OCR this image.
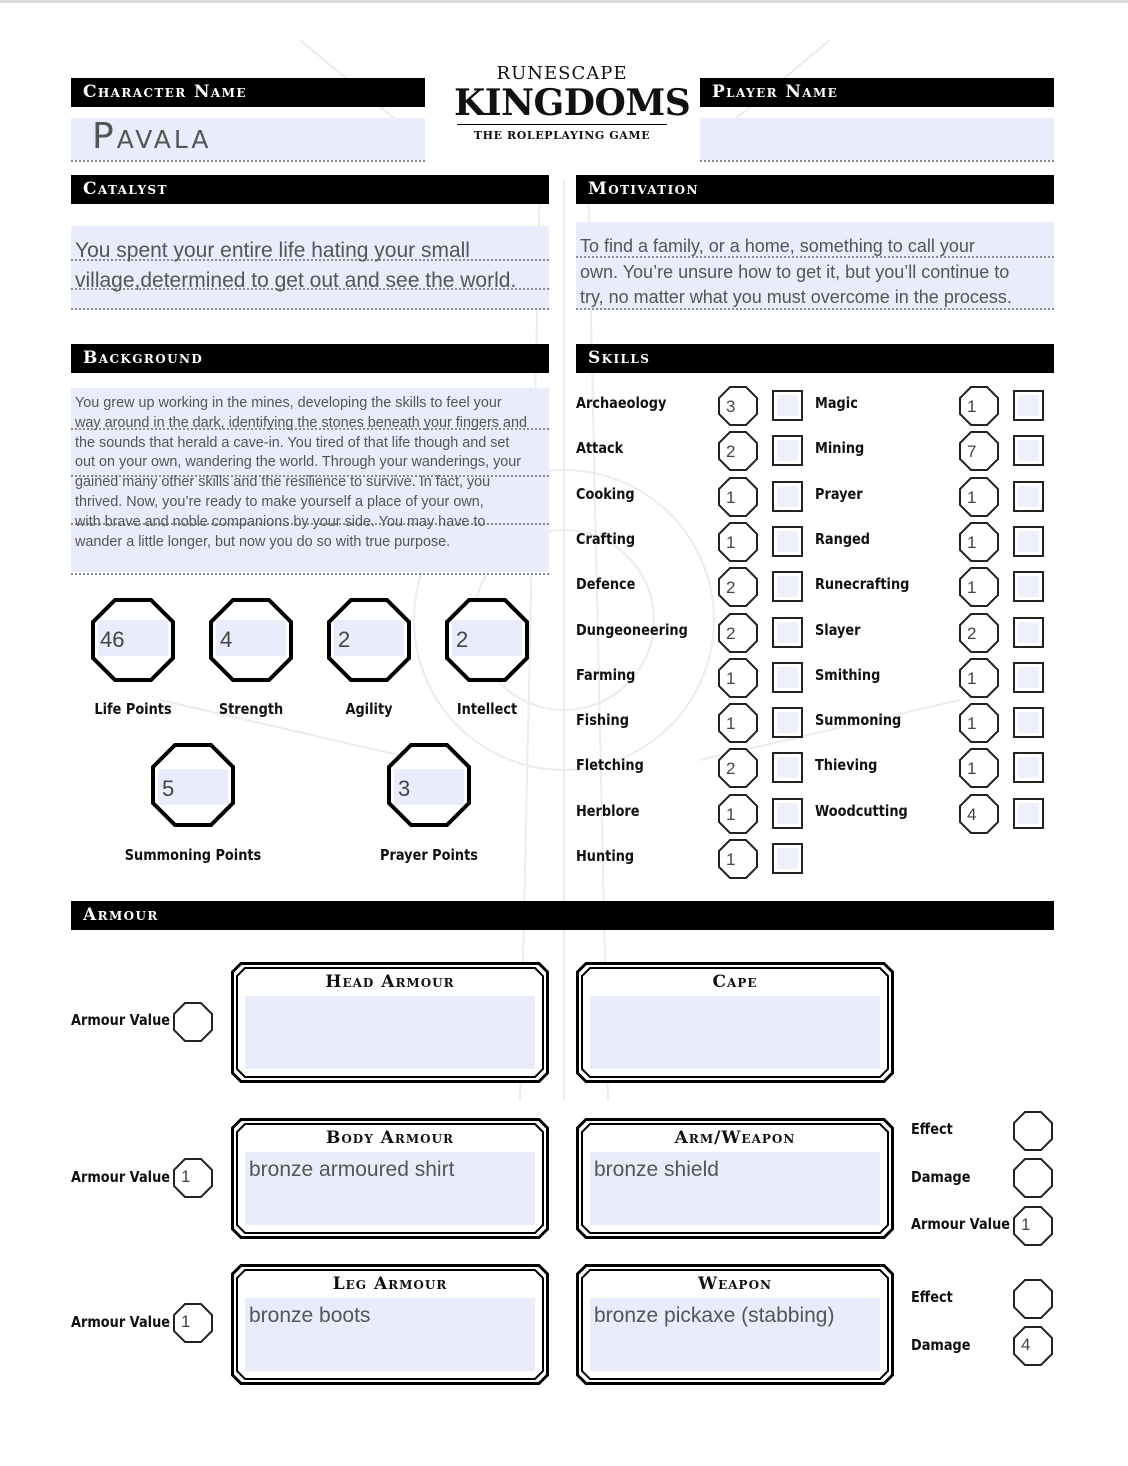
Character Name
Pavala
RUNESCAPE
KINGDOMS
THE ROLEPLAYING GAME
Player Name
Catalyst
You spent your entire life hating your small
village,determined to get out and see the world.
Motivation
To find a family, or a home, something to call your
own. You’re unsure how to get it, but you’ll continue to
try, no matter what you must overcome in the process.
Background
You grew up working in the mines, developing the skills to feel your
way around in the dark, identifying the stones beneath your fingers and
the sounds that herald a cave-in. You tired of that life though and set
out on your own, wandering the world. Through your wanderings, your
gained many other skills and the resilience to survive. In fact, you
thrived. Now, you’re ready to make yourself a place of your own,
with brave and noble companions by your side. You may have to
wander a little longer, but now you do so with true purpose.
46
Life Points
4
Strength
2
Agility
2
Intellect
5
Summoning Points
3
Prayer Points
Skills
Archaeology	3
Attack	2
Cooking	1
Crafting	1
Defence	2
Dungeoneering 2
Farming	1
Fishing	1
Fletching	2
Herblore	1
Hunting	1
Magic	1
Mining	7
Prayer	1
Ranged	1
Runecrafting	1
Slayer	2
Smithing	1
Summoning	1
Thieving	1
Woodcutting	4
Armour
Armour Value
Head Armour	Cape
Armour Value 1
Body Armour
bronze armoured shirt
Arm/Weapon
bronze shield
Effect
Damage
Armour Value 1
Armour Value 1
Leg Armour
bronze boots
Weapon
bronze pickaxe (stabbing)
Effect
Damage	4
